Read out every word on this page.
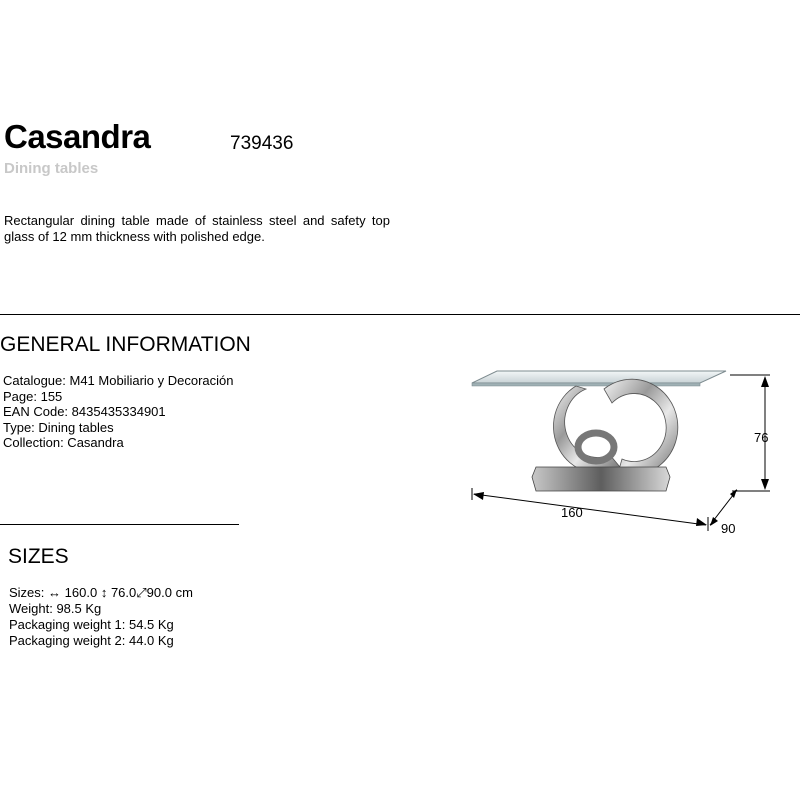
Casandra	739436
Dining tables
Rectangular dining table made of stainless steel and safety top glass of 12 mm thickness with polished edge.
GENERAL INFORMATION
Catalogue: M41 Mobiliario y Decoración
Page: 155
EAN Code: 8435435334901
Type: Dining tables
Collection: Casandra
SIZES
Sizes: ↔ 160.0 ↕ 76.0⤢90.0 cm
Weight: 98.5 Kg
Packaging weight 1: 54.5 Kg
Packaging weight 2: 44.0 Kg
76
160
90
